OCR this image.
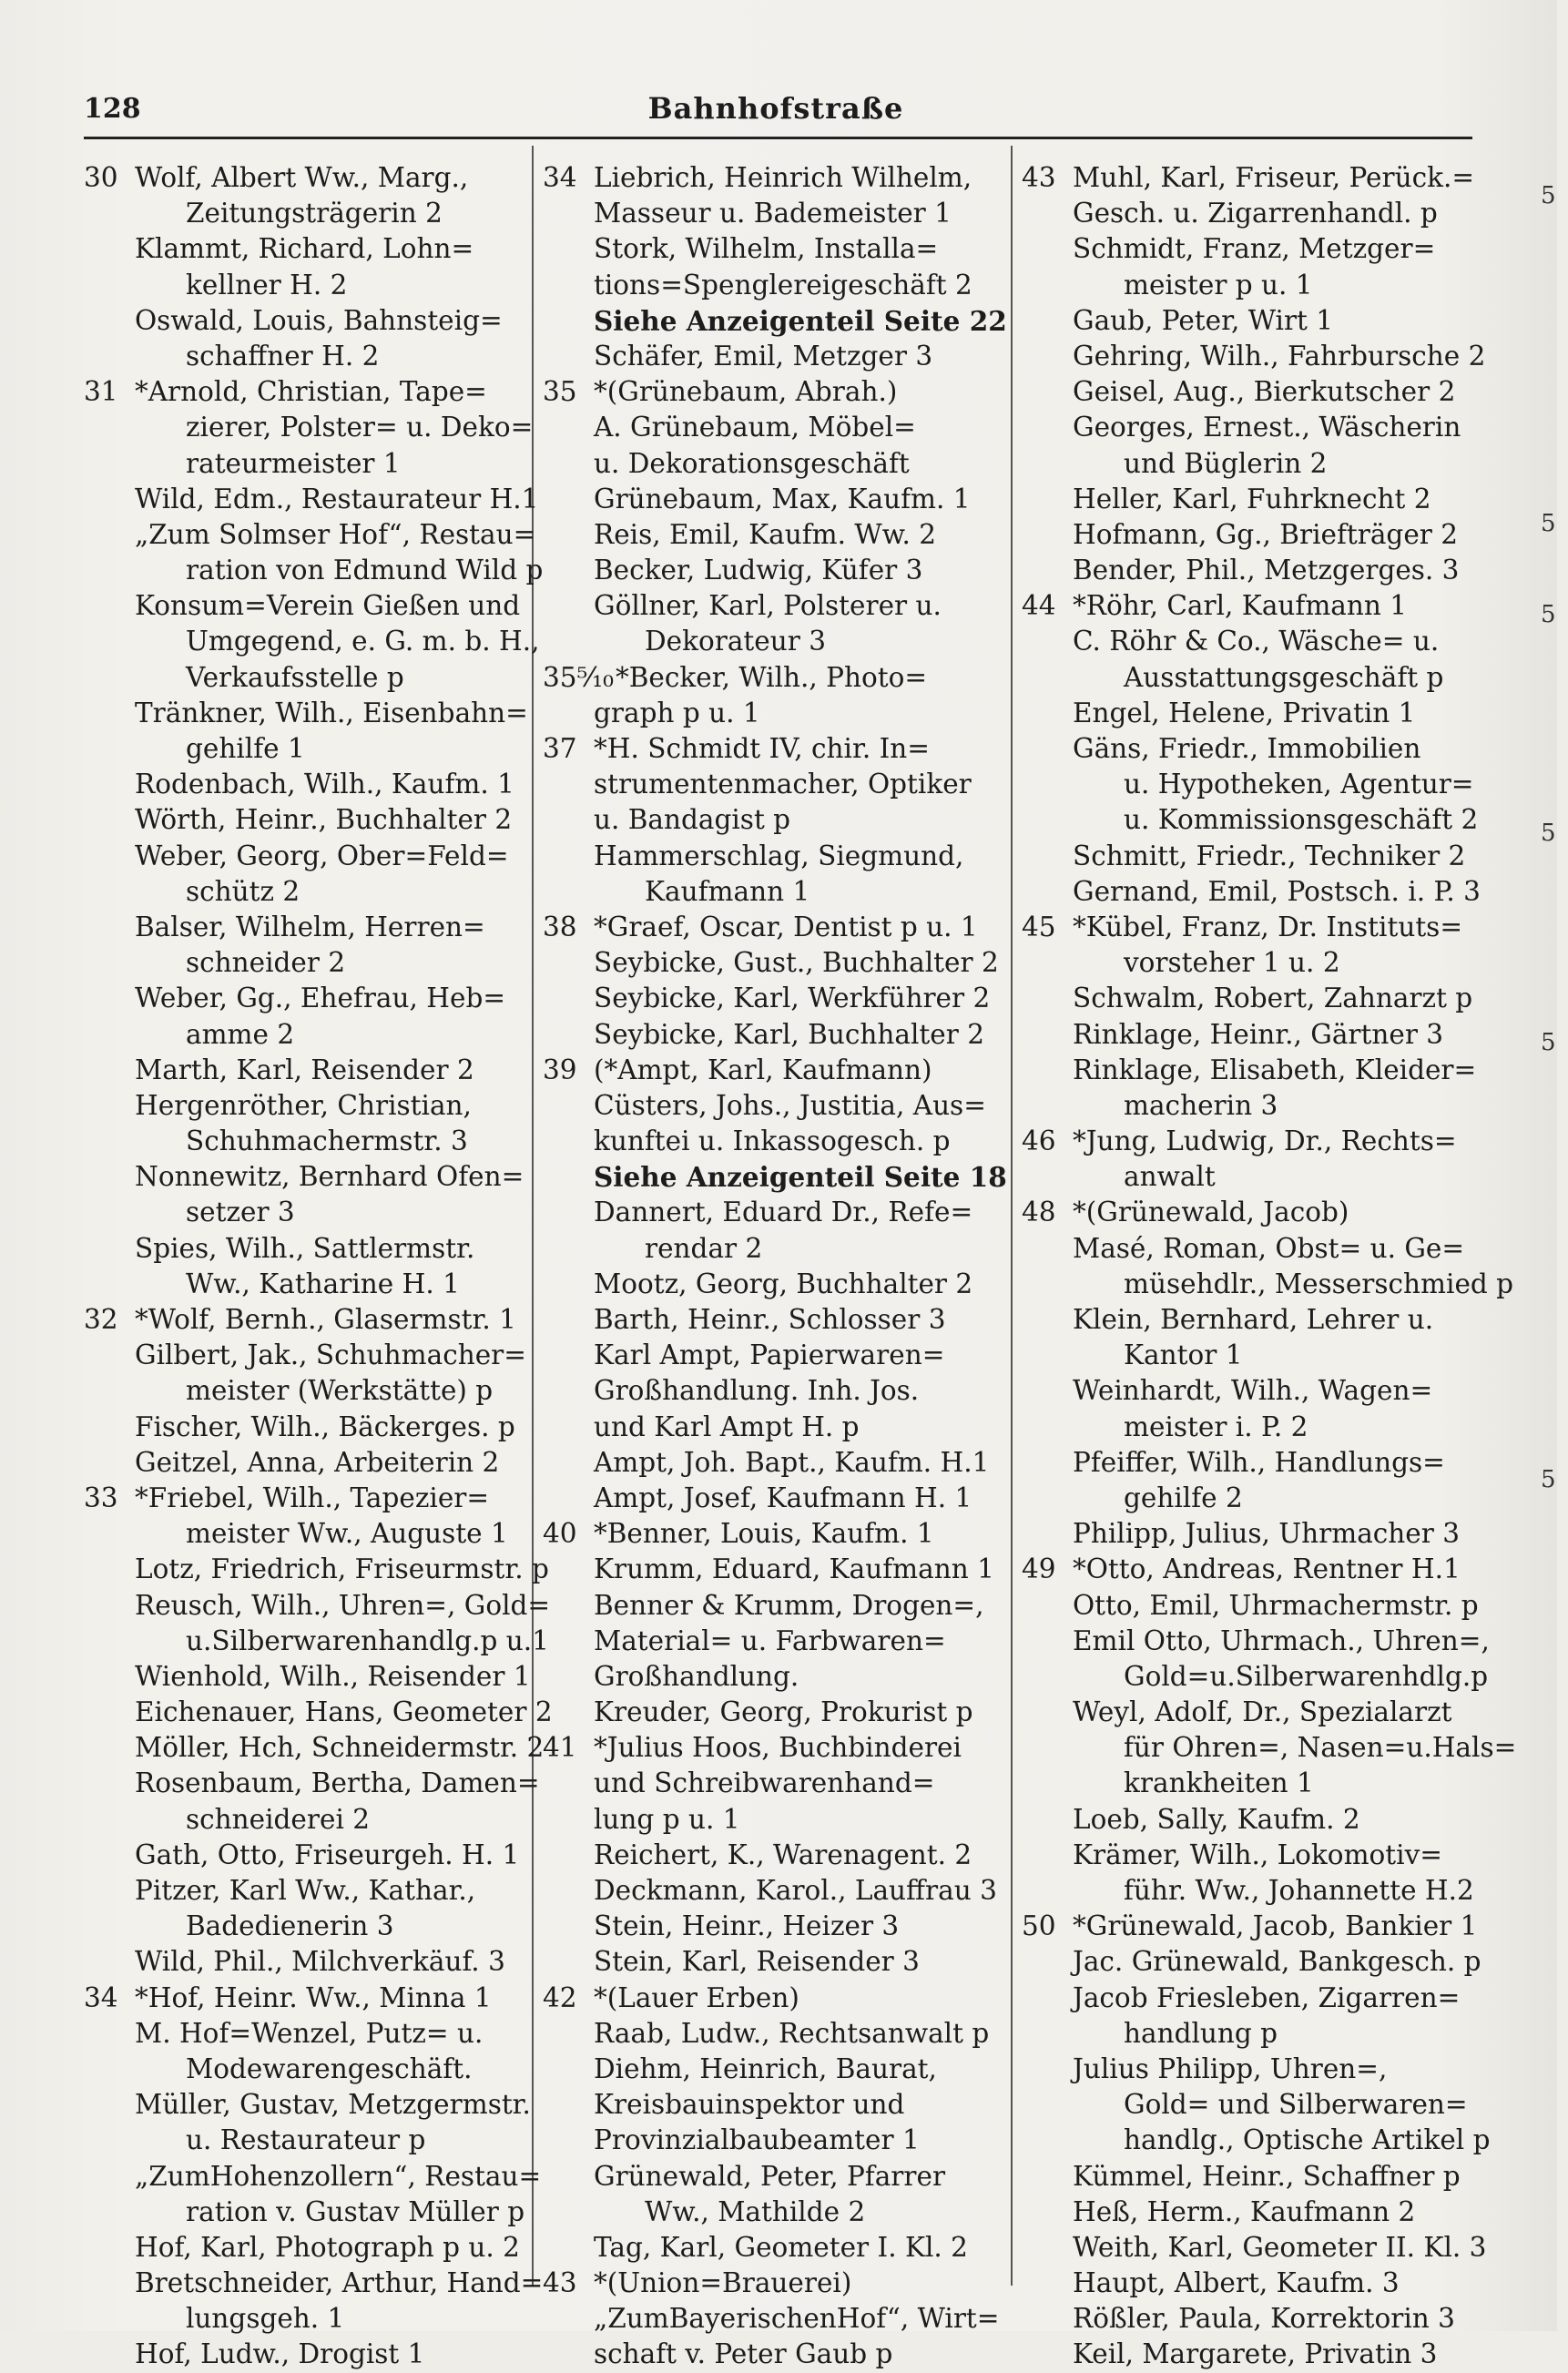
128	Bahnhofstraße
30 Wolf, Albert Ww., Marg.,
Zeitungsträgerin 2
Klammt, Richard, Lohn=
kellner H. 2
Oswald, Louis, Bahnsteig=
schaffner H. 2
31 *Arnold, Christian, Tape=
zierer, Polster= u. Deko=
rateurmeister 1
Wild, Edm., Restaurateur H.1
„Zum Solmser Hof“, Restau=
ration von Edmund Wild p
Konsum=Verein Gießen und
Umgegend, e. G. m. b. H.,
Verkaufsstelle p
Tränkner, Wilh., Eisenbahn=
gehilfe 1
Rodenbach, Wilh., Kaufm. 1
Wörth, Heinr., Buchhalter 2
Weber, Georg, Ober=Feld=
schütz 2
Balser, Wilhelm, Herren=
schneider 2
Weber, Gg., Ehefrau, Heb=
amme 2
Marth, Karl, Reisender 2
Hergenröther, Christian,
Schuhmachermstr. 3
Nonnewitz, Bernhard Ofen=
setzer 3
Spies, Wilh., Sattlermstr.
Ww., Katharine H. 1
32 *Wolf, Bernh., Glasermstr. 1
Gilbert, Jak., Schuhmacher=
meister (Werkstätte) p
Fischer, Wilh., Bäckerges. p
Geitzel, Anna, Arbeiterin 2
33 *Friebel, Wilh., Tapezier=
meister Ww., Auguste 1
Lotz, Friedrich, Friseurmstr. p
Reusch, Wilh., Uhren=, Gold=
u.Silberwarenhandlg.p u.1
Wienhold, Wilh., Reisender 1
Eichenauer, Hans, Geometer 2
Möller, Hch, Schneidermstr. 2
Rosenbaum, Bertha, Damen=
schneiderei 2
Gath, Otto, Friseurgeh. H. 1
Pitzer, Karl Ww., Kathar.,
Badedienerin 3
Wild, Phil., Milchverkäuf. 3
34 *Hof, Heinr. Ww., Minna 1
M. Hof=Wenzel, Putz= u.
Modewarengeschäft.
Müller, Gustav, Metzgermstr.
u. Restaurateur p
„ZumHohenzollern“, Restau=
ration v. Gustav Müller p
Hof, Karl, Photograph p u. 2
Bretschneider, Arthur, Hand=
lungsgeh. 1
Hof, Ludw., Drogist 1
34 Liebrich, Heinrich Wilhelm,
Masseur u. Bademeister 1
Stork, Wilhelm, Installa=
tions=Spenglereigeschäft 2
Siehe Anzeigenteil Seite 22
Schäfer, Emil, Metzger 3
35 *(Grünebaum, Abrah.)
A. Grünebaum, Möbel=
u. Dekorationsgeschäft
Grünebaum, Max, Kaufm. 1
Reis, Emil, Kaufm. Ww. 2
Becker, Ludwig, Küfer 3
Göllner, Karl, Polsterer u.
Dekorateur 3
35⁵⁄₁₀*Becker, Wilh., Photo=
graph p u. 1
37 *H. Schmidt IV, chir. In=
strumentenmacher, Optiker
u. Bandagist p
Hammerschlag, Siegmund,
Kaufmann 1
38 *Graef, Oscar, Dentist p u. 1
Seybicke, Gust., Buchhalter 2
Seybicke, Karl, Werkführer 2
Seybicke, Karl, Buchhalter 2
39 (*Ampt, Karl, Kaufmann)
Cüsters, Johs., Justitia, Aus=
kunftei u. Inkassogesch. p
Siehe Anzeigenteil Seite 18
Dannert, Eduard Dr., Refe=
rendar 2
Mootz, Georg, Buchhalter 2
Barth, Heinr., Schlosser 3
Karl Ampt, Papierwaren=
Großhandlung. Inh. Jos.
und Karl Ampt H. p
Ampt, Joh. Bapt., Kaufm. H.1
Ampt, Josef, Kaufmann H. 1
40 *Benner, Louis, Kaufm. 1
Krumm, Eduard, Kaufmann 1
Benner & Krumm, Drogen=,
Material= u. Farbwaren=
Großhandlung.
Kreuder, Georg, Prokurist p
41 *Julius Hoos, Buchbinderei
und Schreibwarenhand=
lung p u. 1
Reichert, K., Warenagent. 2
Deckmann, Karol., Lauffrau 3
Stein, Heinr., Heizer 3
Stein, Karl, Reisender 3
42 *(Lauer Erben)
Raab, Ludw., Rechtsanwalt p
Diehm, Heinrich, Baurat,
Kreisbauinspektor und
Provinzialbaubeamter 1
Grünewald, Peter, Pfarrer
Ww., Mathilde 2
Tag, Karl, Geometer I. Kl. 2
43 *(Union=Brauerei)
„ZumBayerischenHof“, Wirt=
schaft v. Peter Gaub p
43 Muhl, Karl, Friseur, Perück.=
Gesch. u. Zigarrenhandl. p
Schmidt, Franz, Metzger=
meister p u. 1
Gaub, Peter, Wirt 1
Gehring, Wilh., Fahrbursche 2
Geisel, Aug., Bierkutscher 2
Georges, Ernest., Wäscherin
und Büglerin 2
Heller, Karl, Fuhrknecht 2
Hofmann, Gg., Briefträger 2
Bender, Phil., Metzgerges. 3
44 *Röhr, Carl, Kaufmann 1
C. Röhr & Co., Wäsche= u.
Ausstattungsgeschäft p
Engel, Helene, Privatin 1
Gäns, Friedr., Immobilien
u. Hypotheken, Agentur=
u. Kommissionsgeschäft 2
Schmitt, Friedr., Techniker 2
Gernand, Emil, Postsch. i. P. 3
45 *Kübel, Franz, Dr. Instituts=
vorsteher 1 u. 2
Schwalm, Robert, Zahnarzt p
Rinklage, Heinr., Gärtner 3
Rinklage, Elisabeth, Kleider=
macherin 3
46 *Jung, Ludwig, Dr., Rechts=
anwalt
48 *(Grünewald, Jacob)
Masé, Roman, Obst= u. Ge=
müsehdlr., Messerschmied p
Klein, Bernhard, Lehrer u.
Kantor 1
Weinhardt, Wilh., Wagen=
meister i. P. 2
Pfeiffer, Wilh., Handlungs=
gehilfe 2
Philipp, Julius, Uhrmacher 3
49 *Otto, Andreas, Rentner H.1
Otto, Emil, Uhrmachermstr. p
Emil Otto, Uhrmach., Uhren=,
Gold=u.Silberwarenhdlg.p
Weyl, Adolf, Dr., Spezialarzt
für Ohren=, Nasen=u.Hals=
krankheiten 1
Loeb, Sally, Kaufm. 2
Krämer, Wilh., Lokomotiv=
führ. Ww., Johannette H.2
50 *Grünewald, Jacob, Bankier 1
Jac. Grünewald, Bankgesch. p
Jacob Friesleben, Zigarren=
handlung p
Julius Philipp, Uhren=,
Gold= und Silberwaren=
handlg., Optische Artikel p
Kümmel, Heinr., Schaffner p
Heß, Herm., Kaufmann 2
Weith, Karl, Geometer II. Kl. 3
Haupt, Albert, Kaufm. 3
Rößler, Paula, Korrektorin 3
Keil, Margarete, Privatin 3
5
5
5
5
5
5
